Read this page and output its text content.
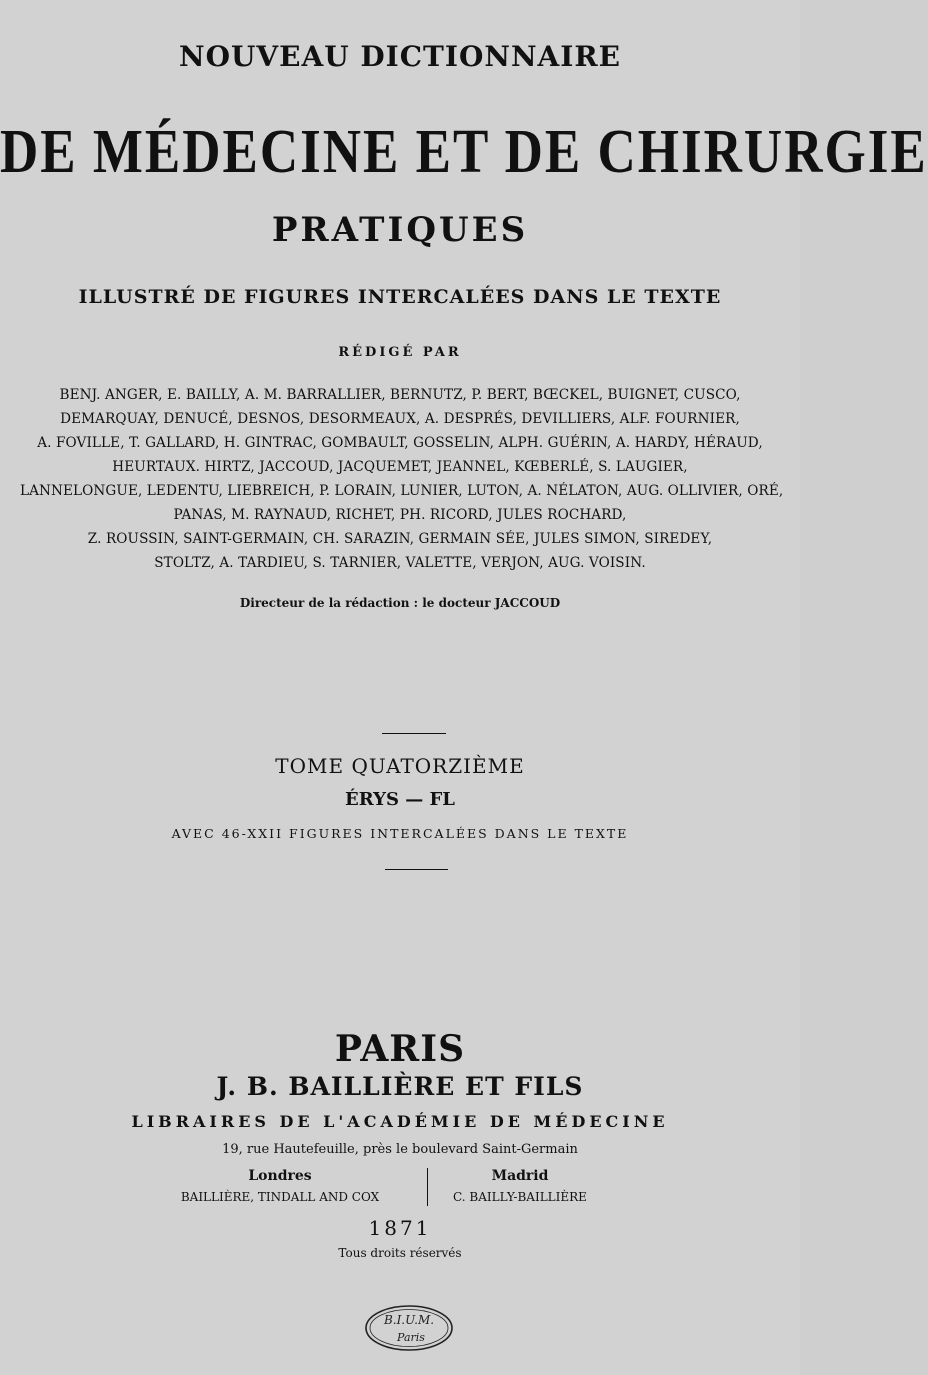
NOUVEAU DICTIONNAIRE
DE MÉDECINE ET DE CHIRURGIE
PRATIQUES
ILLUSTRÉ DE FIGURES INTERCALÉES DANS LE TEXTE
RÉDIGÉ PAR
BENJ. ANGER, E. BAILLY, A. M. BARRALLIER, BERNUTZ, P. BERT, BŒCKEL, BUIGNET, CUSCO,
DEMARQUAY, DENUCÉ, DESNOS, DESORMEAUX, A. DESPRÉS, DEVILLIERS, ALF. FOURNIER,
A. FOVILLE, T. GALLARD, H. GINTRAC, GOMBAULT, GOSSELIN, ALPH. GUÉRIN, A. HARDY, HÉRAUD,
HEURTAUX. HIRTZ, JACCOUD, JACQUEMET, JEANNEL, KŒBERLÉ, S. LAUGIER,
LANNELONGUE, LEDENTU, LIEBREICH, P. LORAIN, LUNIER, LUTON, A. NÉLATON, AUG. OLLIVIER, ORÉ,
PANAS, M. RAYNAUD, RICHET, PH. RICORD, JULES ROCHARD,
Z. ROUSSIN, SAINT-GERMAIN, CH. SARAZIN, GERMAIN SÉE, JULES SIMON, SIREDEY,
STOLTZ, A. TARDIEU, S. TARNIER, VALETTE, VERJON, AUG. VOISIN.
Directeur de la rédaction : le docteur JACCOUD
TOME QUATORZIÈME
ÉRYS — FL
AVEC 46-XXII FIGURES INTERCALÉES DANS LE TEXTE
PARIS
J. B. BAILLIÈRE ET FILS
LIBRAIRES DE L'ACADÉMIE DE MÉDECINE
19, rue Hautefeuille, près le boulevard Saint-Germain
Londres
BAILLIÈRE, TINDALL AND COX
Madrid
C. BAILLY-BAILLIÈRE
1871
Tous droits réservés
B.I.U.M.
Paris
